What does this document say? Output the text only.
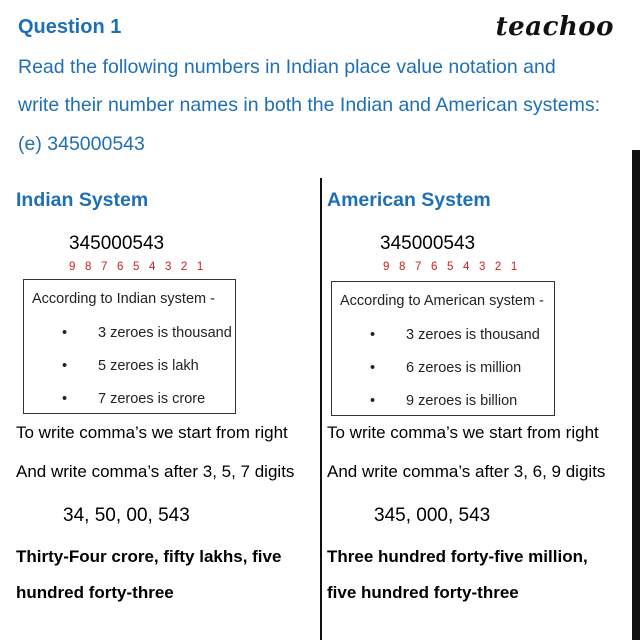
Question 1	teachoo
Read the following numbers in Indian place value notation and
write their number names in both the Indian and American systems:
(e) 345000543
Indian System
345000543
9 8 7 6 5 4 3 2 1
According to Indian system -
• 3 zeroes is thousand
• 5 zeroes is lakh
• 7 zeroes is crore
To write comma’s we start from right
And write comma’s after 3, 5, 7 digits
34, 50, 00, 543
Thirty-Four crore, fifty lakhs, five
hundred forty-three
American System
345000543
9 8 7 6 5 4 3 2 1
According to American system -
• 3 zeroes is thousand
• 6 zeroes is million
• 9 zeroes is billion
To write comma’s we start from right
And write comma’s after 3, 6, 9 digits
345, 000, 543
Three hundred forty-five million,
five hundred forty-three
